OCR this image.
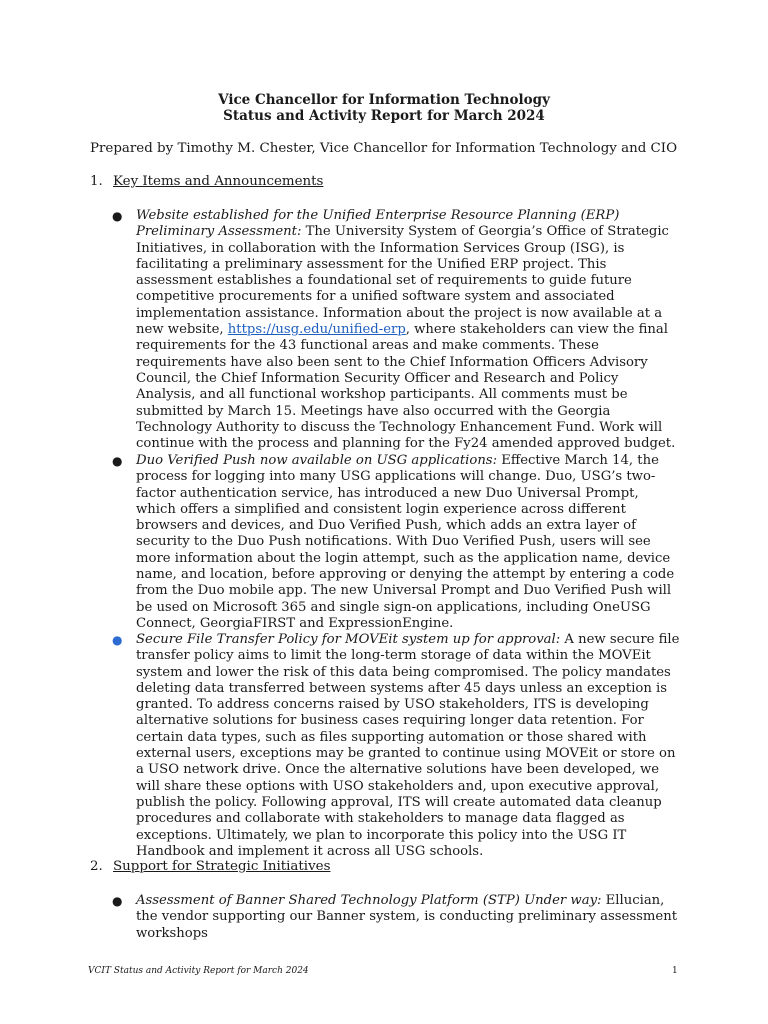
Vice Chancellor for Information Technology
Status and Activity Report for March 2024
Prepared by Timothy M. Chester, Vice Chancellor for Information Technology and CIO
1. Key Items and Announcements
●	Website established for the Unified Enterprise Resource Planning (ERP) Preliminary Assessment: The University System of Georgia’s Office of Strategic Initiatives, in collaboration with the Information Services Group (ISG), is facilitating a preliminary assessment for the Unified ERP project. This assessment establishes a foundational set of requirements to guide future competitive procurements for a unified software system and associated implementation assistance. Information about the project is now available at a new website, https://usg.edu/unified-erp, where stakeholders can view the final requirements for the 43 functional areas and make comments. These requirements have also been sent to the Chief Information Officers Advisory Council, the Chief Information Security Officer and Research and Policy Analysis, and all functional workshop participants. All comments must be submitted by March 15. Meetings have also occurred with the Georgia Technology Authority to discuss the Technology Enhancement Fund. Work will continue with the process and planning for the Fy24 amended approved budget.
●	Duo Verified Push now available on USG applications: Effective March 14, the process for logging into many USG applications will change. Duo, USG’s two-factor authentication service, has introduced a new Duo Universal Prompt, which offers a simplified and consistent login experience across different browsers and devices, and Duo Verified Push, which adds an extra layer of security to the Duo Push notifications. With Duo Verified Push, users will see more information about the login attempt, such as the application name, device name, and location, before approving or denying the attempt by entering a code from the Duo mobile app. The new Universal Prompt and Duo Verified Push will be used on Microsoft 365 and single sign-on applications, including OneUSG Connect, GeorgiaFIRST and ExpressionEngine.
●	Secure File Transfer Policy for MOVEit system up for approval: A new secure file transfer policy aims to limit the long-term storage of data within the MOVEit system and lower the risk of this data being compromised. The policy mandates deleting data transferred between systems after 45 days unless an exception is granted. To address concerns raised by USO stakeholders, ITS is developing alternative solutions for business cases requiring longer data retention. For certain data types, such as files supporting automation or those shared with external users, exceptions may be granted to continue using MOVEit or store on a USO network drive. Once the alternative solutions have been developed, we will share these options with USO stakeholders and, upon executive approval, publish the policy. Following approval, ITS will create automated data cleanup procedures and collaborate with stakeholders to manage data flagged as exceptions. Ultimately, we plan to incorporate this policy into the USG IT Handbook and implement it across all USG schools.
2. Support for Strategic Initiatives
●	Assessment of Banner Shared Technology Platform (STP) Under way: Ellucian, the vendor supporting our Banner system, is conducting preliminary assessment workshops
VCIT Status and Activity Report for March 2024	1
